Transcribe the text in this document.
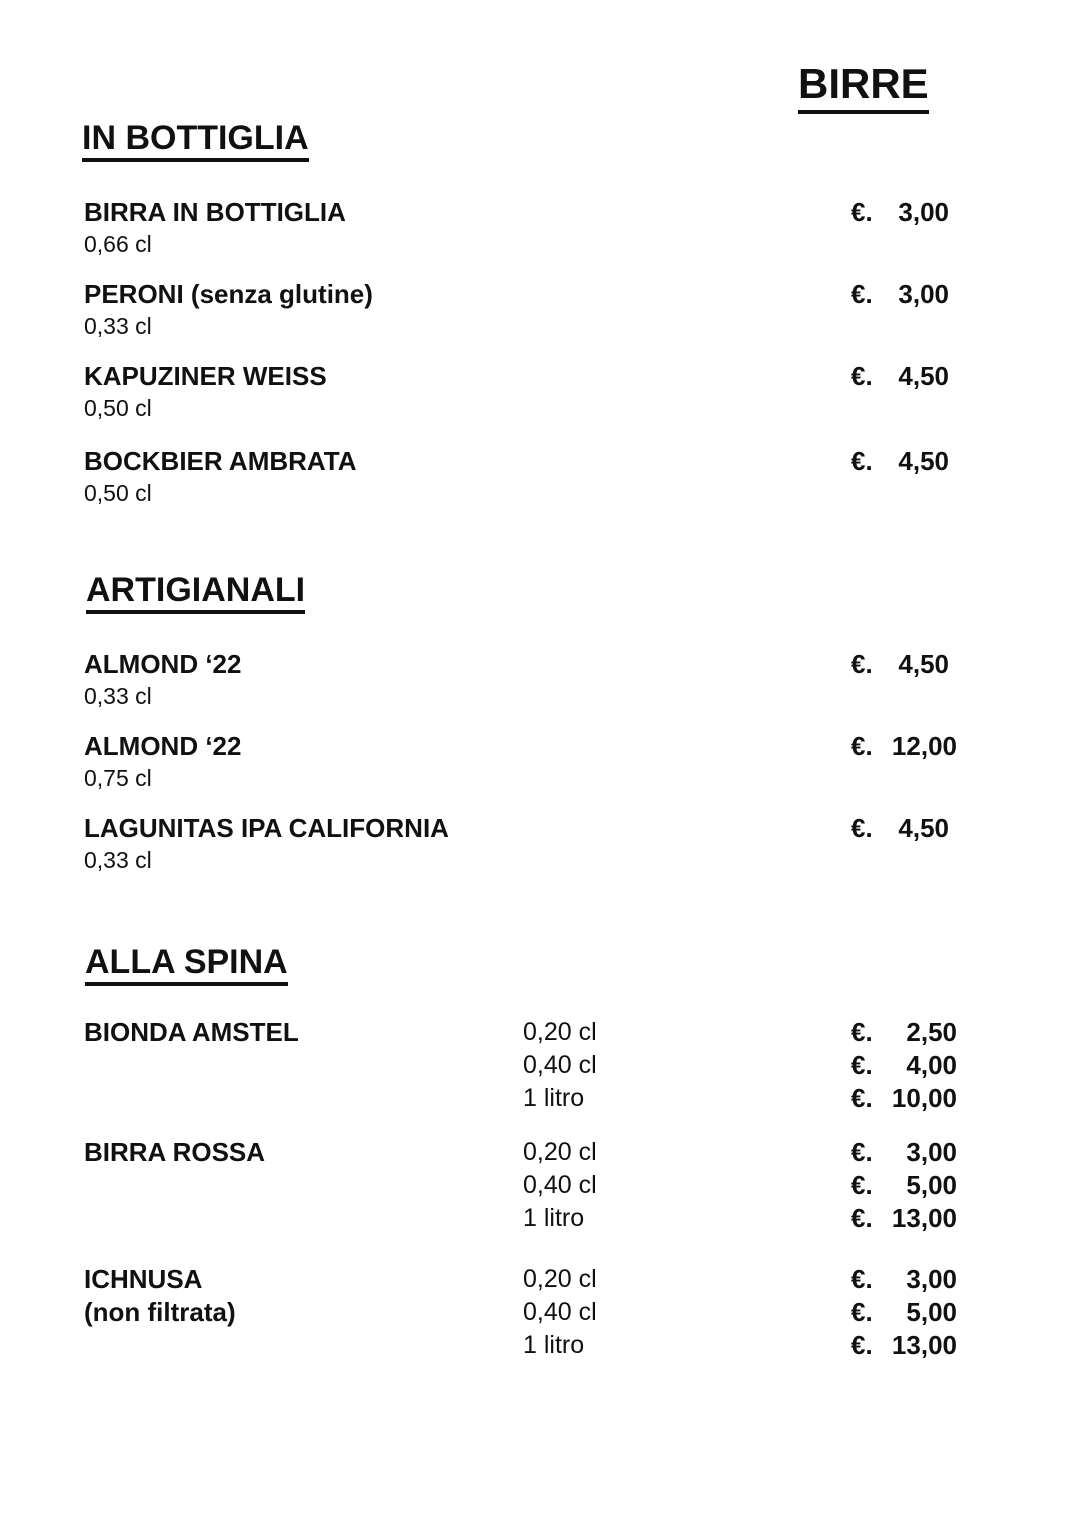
BIRRE
IN BOTTIGLIA
BIRRA IN BOTTIGLIA
0,66 cl
€. 3,00
PERONI (senza glutine)
0,33 cl
€. 3,00
KAPUZINER WEISS
0,50 cl
€. 4,50
BOCKBIER AMBRATA
0,50 cl
€. 4,50
ARTIGIANALI
ALMOND ‘22
0,33 cl
€. 4,50
ALMOND ‘22
0,75 cl
€. 12,00
LAGUNITAS IPA CALIFORNIA
0,33 cl
€. 4,50
ALLA SPINA
BIONDA AMSTEL	0,20 cl
0,40 cl
1 litro
€. 2,50
€. 4,00
€. 10,00
BIRRA ROSSA	0,20 cl
0,40 cl
1 litro
€. 3,00
€. 5,00
€. 13,00
ICHNUSA
(non filtrata)
0,20 cl
0,40 cl
1 litro
€. 3,00
€. 5,00
€. 13,00
